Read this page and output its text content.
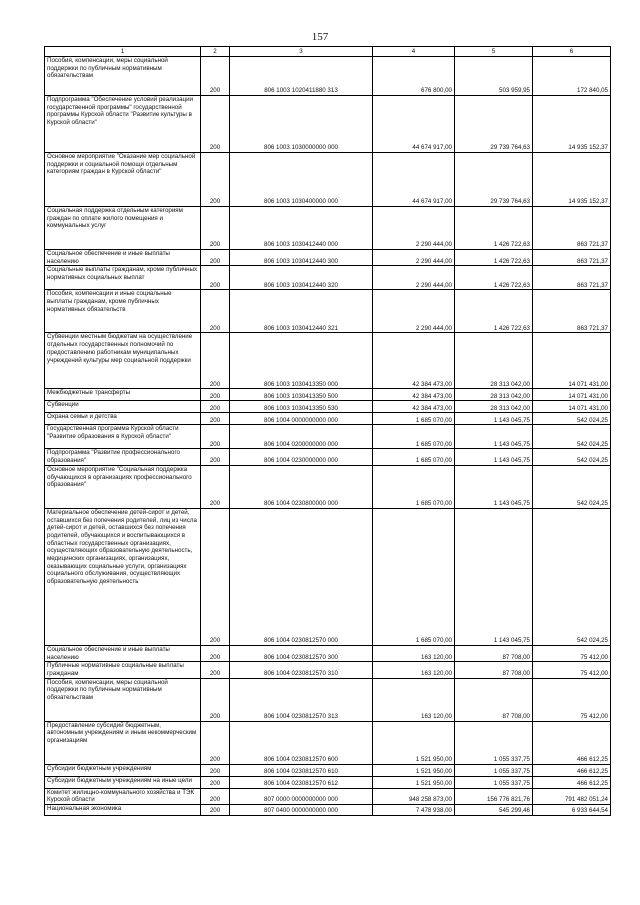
157
1	2	3	4	5	6
Пособия, компенсации, меры социальной поддержки по публичным нормативным обязательствам	200	806 1003 1020411880 313	676 800,00	503 959,95	172 840,05
Подпрограмма "Обеспечение условий реализации государственной программы" государственной программы Курской области "Развитие культуры в Курской области"	200	806 1003 1030000000 000	44 674 917,00	29 739 764,63	14 935 152,37
Основное мероприятие "Оказание мер социальной поддержки и социальной помощи отдельным категориям граждан в Курской области"	200	806 1003 1030400000 000	44 674 917,00	29 739 764,63	14 935 152,37
Социальная поддержка отдельным категориям граждан по оплате жилого помещения и коммунальных услуг	200	806 1003 1030412440 000	2 290 444,00	1 426 722,63	863 721,37
Социальное обеспечение и иные выплаты населению	200	806 1003 1030412440 300	2 290 444,00	1 426 722,63	863 721,37
Социальные выплаты гражданам, кроме публичных нормативных социальных выплат	200	806 1003 1030412440 320	2 290 444,00	1 426 722,63	863 721,37
Пособия, компенсации и иные социальные выплаты гражданам, кроме публичных нормативных обязательств	200	806 1003 1030412440 321	2 290 444,00	1 426 722,63	863 721,37
Субвенции местным бюджетам на осуществление отдельных государственных полномочий по предоставлению работникам муниципальных учреждений культуры мер социальной поддержки	200	806 1003 1030413350 000	42 384 473,00	28 313 042,00	14 071 431,00
Межбюджетные трансферты	200	806 1003 1030413350 500	42 384 473,00	28 313 042,00	14 071 431,00
Субвенции	200	806 1003 1030413350 530	42 384 473,00	28 313 042,00	14 071 431,00
Охрана семьи и детства	200	806 1004 0000000000 000	1 685 070,00	1 143 045,75	542 024,25
Государственная программа Курской области "Развитие образования в Курской области"	200	806 1004 0200000000 000	1 685 070,00	1 143 045,75	542 024,25
Подпрограмма "Развитие профессионального образования"	200	806 1004 0230000000 000	1 685 070,00	1 143 045,75	542 024,25
Основное мероприятие "Социальная поддержка обучающихся в организациях профессионального образования"	200	806 1004 0230800000 000	1 685 070,00	1 143 045,75	542 024,25
Материальное обеспечение детей-сирот и детей, оставшихся без попечения родителей, лиц из числа детей-сирот и детей, оставшихся без попечения родителей, обучающихся и воспитывающихся в областных государственных организациях, осуществляющих образовательную деятельность, медицинских организациях, организациях, оказывающих социальные услуги, организациях социального обслуживания, осуществляющих образовательную деятельность	200	806 1004 0230812570 000	1 685 070,00	1 143 045,75	542 024,25
Социальное обеспечение и иные выплаты населению	200	806 1004 0230812570 300	163 120,00	87 708,00	75 412,00
Публичные нормативные социальные выплаты гражданам	200	806 1004 0230812570 310	163 120,00	87 708,00	75 412,00
Пособия, компенсации, меры социальной поддержки по публичным нормативным обязательствам	200	806 1004 0230812570 313	163 120,00	87 708,00	75 412,00
Предоставление субсидий бюджетным, автономным учреждениям и иным некоммерческим организациям	200	806 1004 0230812570 600	1 521 950,00	1 055 337,75	466 612,25
Субсидии бюджетным учреждениям	200	806 1004 0230812570 610	1 521 950,00	1 055 337,75	466 612,25
Субсидии бюджетным учреждениям на иные цели	200	806 1004 0230812570 612	1 521 950,00	1 055 337,75	466 612,25
Комитет жилищно-коммунального хозяйства и ТЭК Курской области	200	807 0000 0000000000 000	948 258 873,00	156 776 821,76	791 482 051,24
Национальная экономика	200	807 0400 0000000000 000	7 478 938,00	545 299,46	6 933 644,54
